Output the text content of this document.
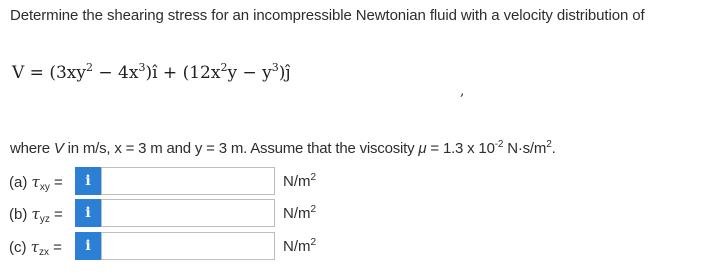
Determine the shearing stress for an incompressible Newtonian fluid with a velocity distribution of
$V = (3xy^2$ − $4x^3)î + (12x^2y$ − $y^3)ĵ$
,
where V in m/s, x = 3 m and y = 3 m. Assume that the viscosity μ = 1.3 x $10^{-2}$ $N\cdot s/m^2$.
(a) $\tau_{xy}$ =	i	$N/m^2$
(b) $\tau_{yz}$ =	i	$N/m^2$
(c) $\tau_{zx}$ =	i	$N/m^2$
